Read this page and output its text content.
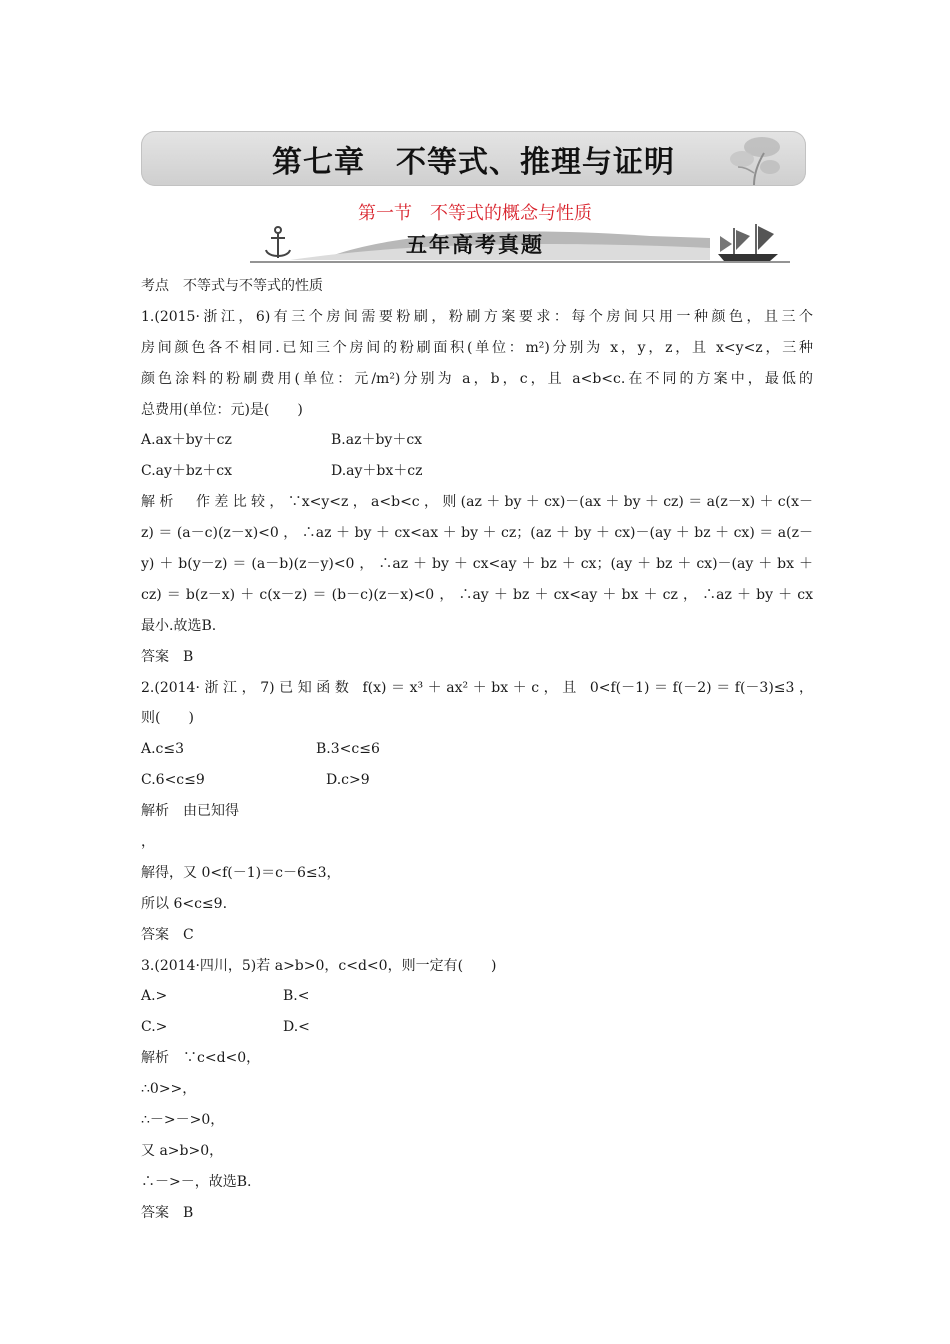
第七章　不等式、推理与证明
第一节　不等式的概念与性质
五年高考真题
考点　不等式与不等式的性质
1.(2015·浙江，6)有三个房间需要粉刷，粉刷方案要求：每个房间只用一种颜色，且三个
房间颜色各不相同.已知三个房间的粉刷面积(单位：m²)分别为 x，y，z，且 x<y<z，三种
颜色涂料的粉刷费用(单位：元/m²)分别为 a，b，c，且 a<b<c.在不同的方案中，最低的
总费用(单位：元)是(　　)
A.ax＋by＋cz	B.az＋by＋cx
C.ay＋bz＋cx	D.ay＋bx＋cz
解析　作差比较，∵x<y<z，a<b<c，则(az＋by＋cx)－(ax＋by＋cz)＝a(z－x)＋c(x－
z)＝(a－c)(z－x)<0，∴az＋by＋cx<ax＋by＋cz；(az＋by＋cx)－(ay＋bz＋cx)＝a(z－
y)＋b(y－z)＝(a－b)(z－y)<0，∴az＋by＋cx<ay＋bz＋cx；(ay＋bz＋cx)－(ay＋bx＋
cz)＝b(z－x)＋c(x－z)＝(b－c)(z－x)<0，∴ay＋bz＋cx<ay＋bx＋cz，∴az＋by＋cx
最小.故选B.
答案　B
2.(2014·浙江，7)已知函数 f(x)＝x³＋ax²＋bx＋c，且 0<f(－1)＝f(－2)＝f(－3)≤3，
则(　　)
A.c≤3	B.3<c≤6
C.6<c≤9	D.c>9
解析　由已知得
，
解得，又 0<f(－1)＝c－6≤3，
所以 6<c≤9.
答案　C
3.(2014·四川，5)若 a>b>0，c<d<0，则一定有(　　)
A.>	B.<
C.>	D.<
解析　∵c<d<0，
∴0>>，
∴－>－>0，
又 a>b>0，
∴－>－，故选B.
答案　B
